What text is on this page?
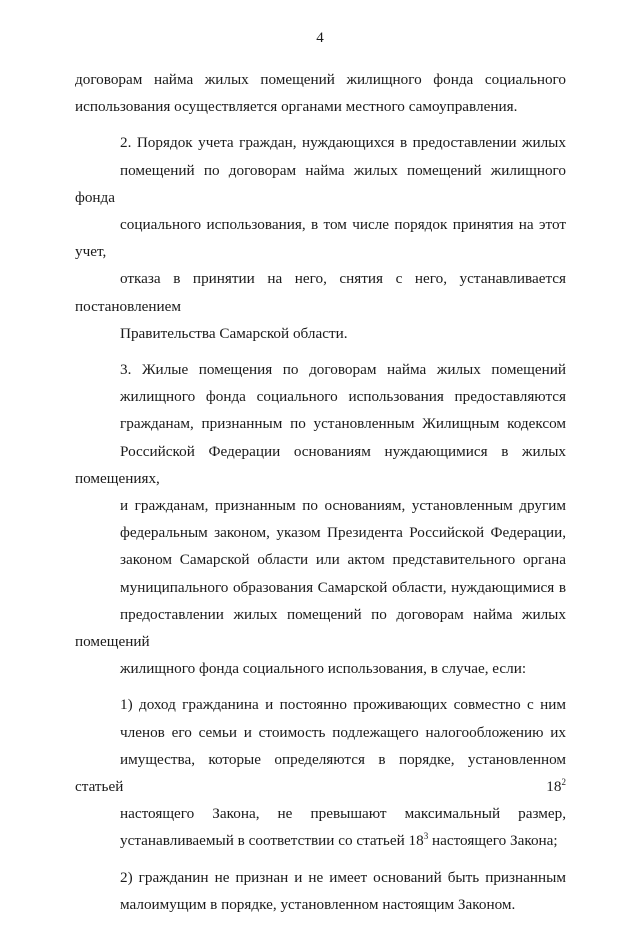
4
договорам найма жилых помещений жилищного фонда социального
использования осуществляется органами местного самоуправления.
2. Порядок учета граждан, нуждающихся в предоставлении жилых
помещений по договорам найма жилых помещений жилищного фонда
социального использования, в том числе порядок принятия на этот учет,
отказа в принятии на него, снятия с него, устанавливается постановлением
Правительства Самарской области.
3. Жилые помещения по договорам найма жилых помещений
жилищного фонда социального использования предоставляются
гражданам, признанным по установленным Жилищным кодексом
Российской Федерации основаниям нуждающимися в жилых помещениях,
и гражданам, признанным по основаниям, установленным другим
федеральным законом, указом Президента Российской Федерации,
законом Самарской области или актом представительного органа
муниципального образования Самарской области, нуждающимися в
предоставлении жилых помещений по договорам найма жилых помещений
жилищного фонда социального использования, в случае, если:
1) доход гражданина и постоянно проживающих совместно с ним
членов его семьи и стоимость подлежащего налогообложению их
имущества, которые определяются в порядке, установленном статьей $18^2$
настоящего Закона, не превышают максимальный размер,
устанавливаемый в соответствии со статьей $18^3$ настоящего Закона;
2) гражданин не признан и не имеет оснований быть признанным
малоимущим в порядке, установленном настоящим Законом.
